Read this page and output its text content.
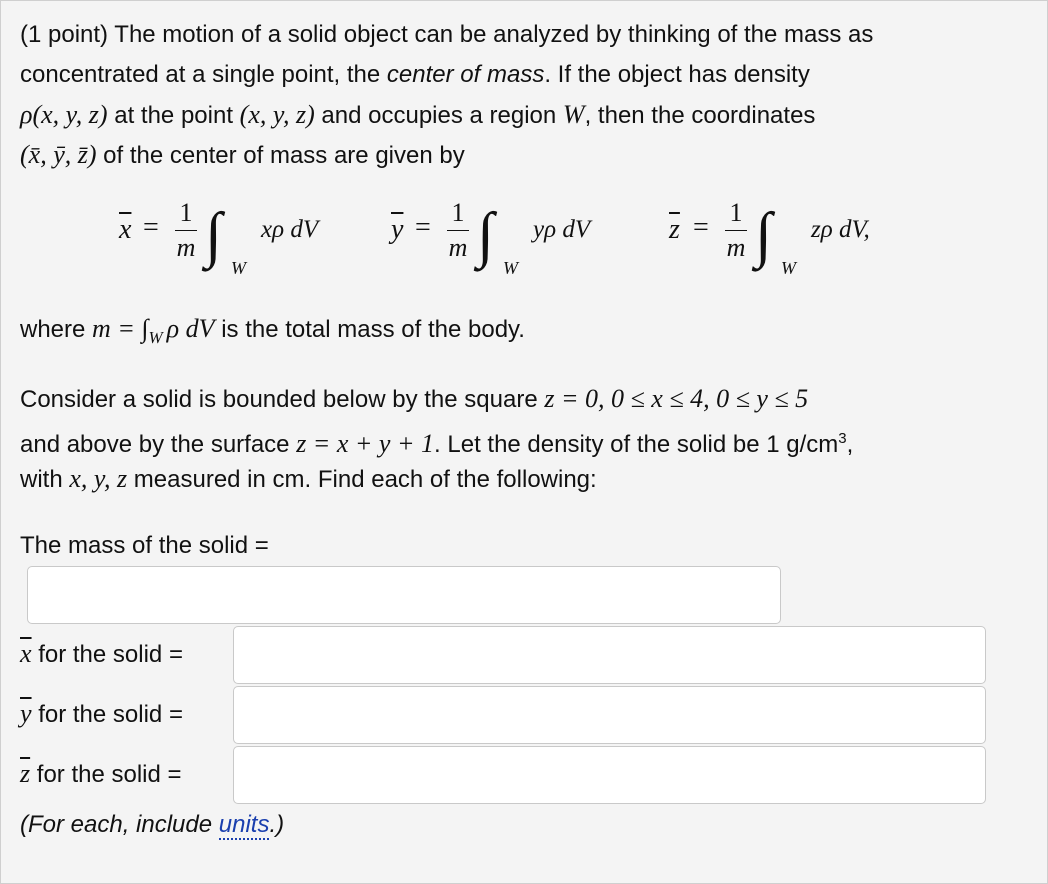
(1 point) The motion of a solid object can be analyzed by thinking of the mass as
concentrated at a single point, the center of mass. If the object has density
ρ(x, y, z) at the point (x, y, z) and occupies a region W, then the coordinates
(x̄, ȳ, z̄) of the center of mass are given by
$\overline{x} = 1$
m ∫ W
xρ dV	$\overline{y} = 1$
m ∫ W
yρ dV	$\overline{z} = 1$
m ∫ W
zρ dV,
where $m = \int_W$ ρ dV is the total mass of the body.
Consider a solid is bounded below by the square z = 0, 0 ≤ x ≤ 4, 0 ≤ y ≤ 5
and above by the surface z = x + y + 1. Let the density of the solid be 1 $g/cm^3$,
with x, y, z measured in cm. Find each of the following:
The mass of the solid =
$\overline{x}$ for the solid =
$\overline{y}$ for the solid =
$\overline{z}$ for the solid =
(For each, include units.)
